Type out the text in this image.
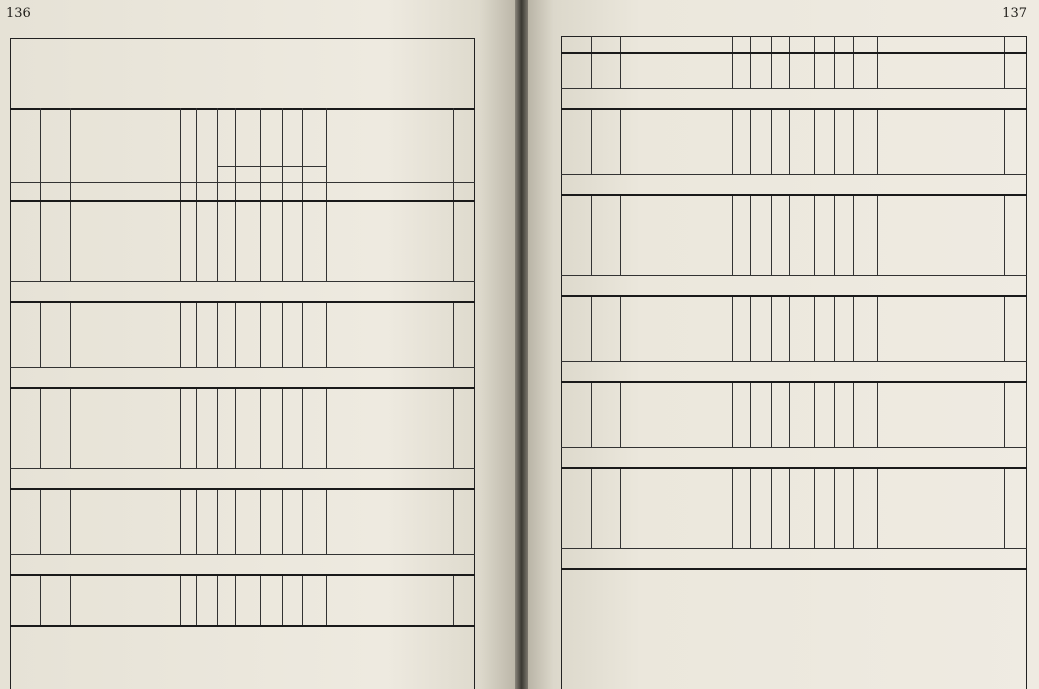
136	137
